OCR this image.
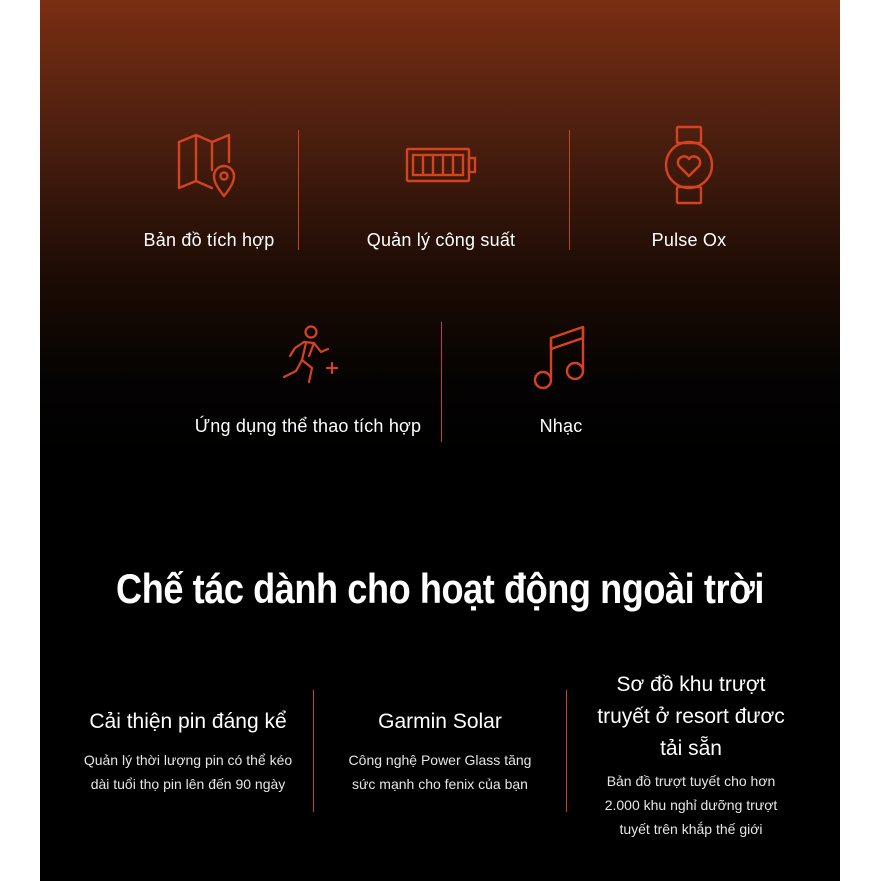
Bản đồ tích hợp	Quản lý công suất	Pulse Ox
Ứng dụng thể thao tích hợp	Nhạc
Chế tác dành cho hoạt động ngoài trời
Cải thiện pin đáng kể
Quản lý thời lượng pin có thể kéo
dài tuổi thọ pin lên đến 90 ngày
Garmin Solar
Công nghệ Power Glass tăng
sức mạnh cho fenix của bạn
Sơ đồ khu trượt
truyết ở resort đươc
tải sẵn
Bản đồ trượt tuyết cho hơn
2.000 khu nghỉ dưỡng trượt
tuyết trên khắp thế giới
